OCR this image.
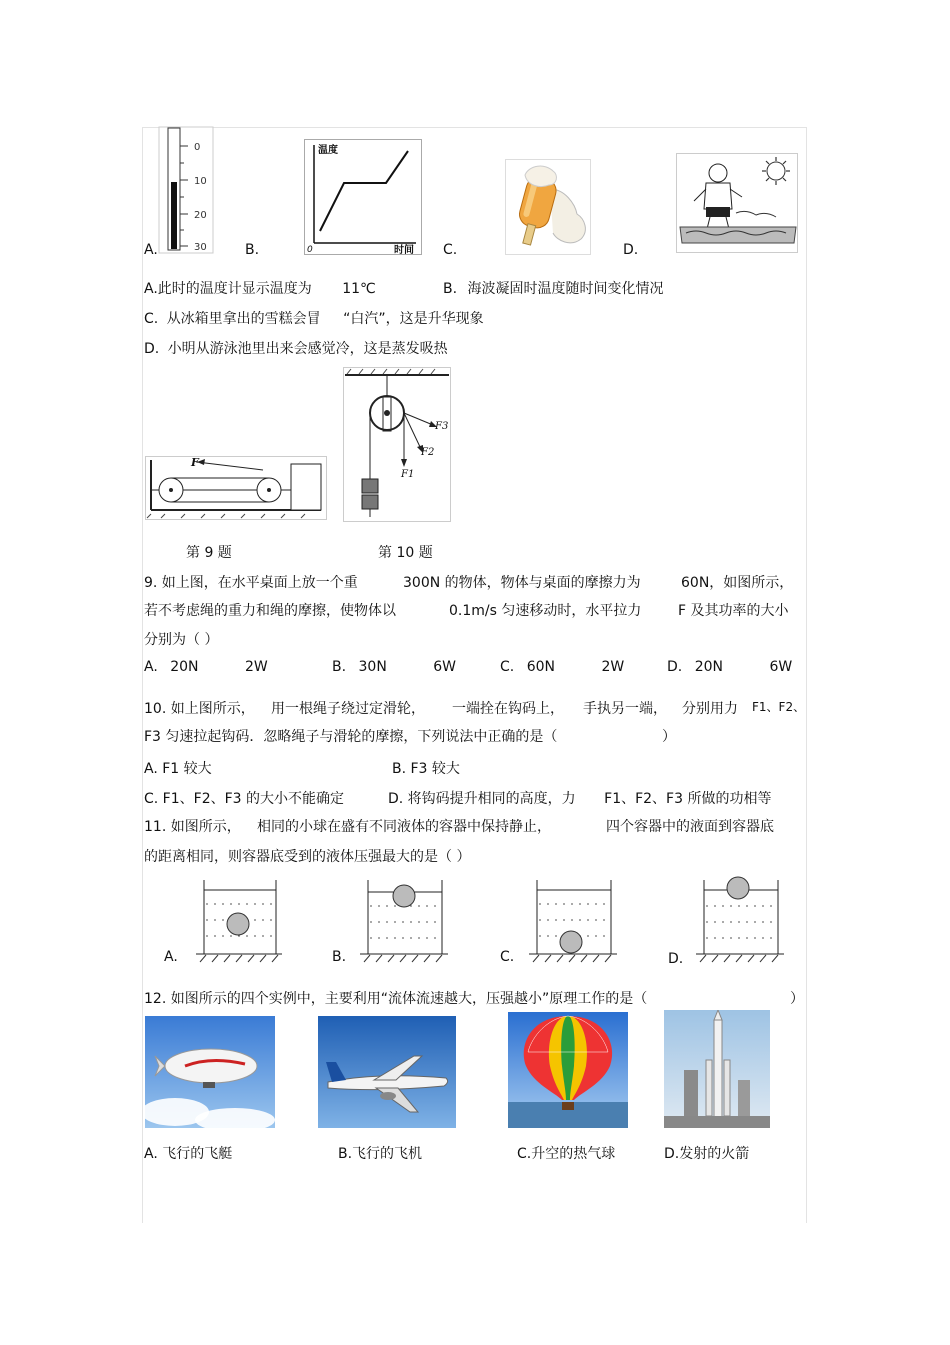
0
10
20
30
A.
温度
时间
0
B.	C.	D.
A.此时的温度计显示温度为 11℃	B. 海波凝固时温度随时间变化情况
C. 从冰箱里拿出的雪糕会冒 “白汽”，这是升华现象
D. 小明从游泳池里出来会感觉冷，这是蒸发吸热
F
F1
F2
F3
第 9 题	第 10 题
9. 如上图，在水平桌面上放一个重	300N 的物体，物体与桌面的摩擦力为	60N，如图所示，
若不考虑绳的重力和绳的摩擦，使物体以	0.1m/s 匀速移动时，水平拉力	F 及其功率的大小
分别为（ ）
A. 20N	2W	B. 30N	6W	C. 60N	2W	D. 20N	6W
10. 如上图所示， 用一根绳子绕过定滑轮， 一端拴在钩码上， 手执另一端， 分别用力 F1、F2、
F3 匀速拉起钩码．忽略绳子与滑轮的摩擦，下列说法中正确的是（	）
A. F1 较大	B. F3 较大
C. F1、F2、F3 的大小不能确定	D. 将钩码提升相同的高度，力 F1、F2、F3 所做的功相等
11. 如图所示， 相同的小球在盛有不同液体的容器中保持静止，	四个容器中的液面到容器底
的距离相同，则容器底受到的液体压强最大的是（ ）
A.	B.	C.	D.
12. 如图所示的四个实例中，主要利用“流体流速越大，压强越小”原理工作的是（	）
A. 飞行的飞艇	B.飞行的飞机	C.升空的热气球	D.发射的火箭
